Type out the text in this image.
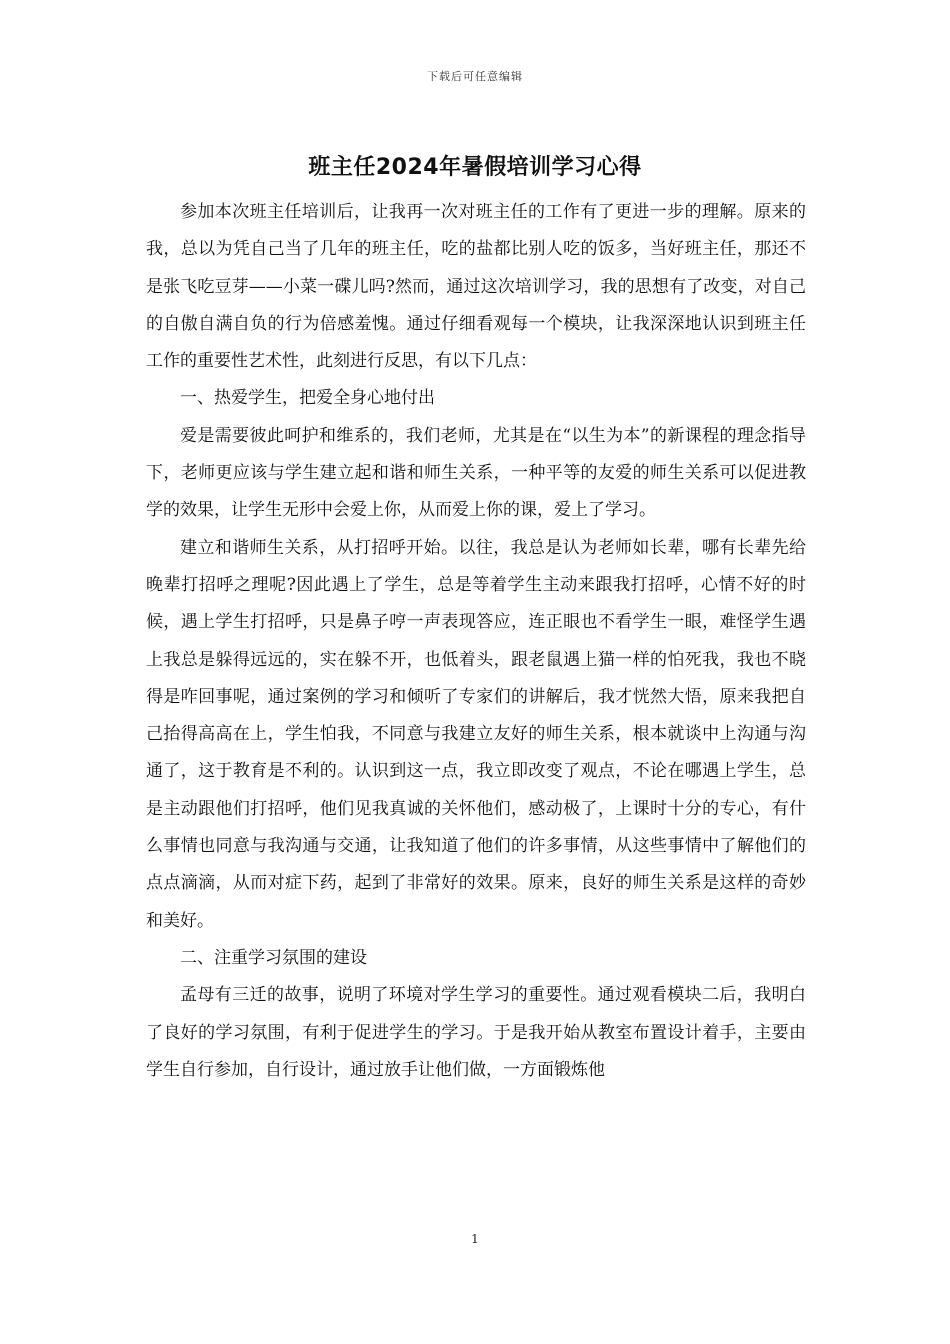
下载后可任意编辑
班主任2024年暑假培训学习心得

参加本次班主任培训后，让我再一次对班主任的工作有了更进一步的理解。原来的我，总以为凭自己当了几年的班主任，吃的盐都比别人吃的饭多，当好班主任，那还不是张飞吃豆芽——小菜一碟儿吗?然而，通过这次培训学习，我的思想有了改变，对自己的自傲自满自负的行为倍感羞愧。通过仔细看观每一个模块，让我深深地认识到班主任工作的重要性艺术性，此刻进行反思，有以下几点：

一、热爱学生，把爱全身心地付出

爱是需要彼此呵护和维系的，我们老师，尤其是在“以生为本”的新课程的理念指导下，老师更应该与学生建立起和谐和师生关系，一种平等的友爱的师生关系可以促进教学的效果，让学生无形中会爱上你，从而爱上你的课，爱上了学习。

建立和谐师生关系，从打招呼开始。以往，我总是认为老师如长辈，哪有长辈先给晚辈打招呼之理呢?因此遇上了学生，总是等着学生主动来跟我打招呼，心情不好的时候，遇上学生打招呼，只是鼻子哼一声表现答应，连正眼也不看学生一眼，难怪学生遇上我总是躲得远远的，实在躲不开，也低着头，跟老鼠遇上猫一样的怕死我，我也不晓得是咋回事呢，通过案例的学习和倾听了专家们的讲解后，我才恍然大悟，原来我把自己抬得高高在上，学生怕我，不同意与我建立友好的师生关系，根本就谈中上沟通与沟通了，这于教育是不利的。认识到这一点，我立即改变了观点，不论在哪遇上学生，总是主动跟他们打招呼，他们见我真诚的关怀他们，感动极了，上课时十分的专心，有什么事情也同意与我沟通与交通，让我知道了他们的许多事情，从这些事情中了解他们的点点滴滴，从而对症下药，起到了非常好的效果。原来，良好的师生关系是这样的奇妙和美好。

二、注重学习氛围的建设

孟母有三迁的故事，说明了环境对学生学习的重要性。通过观看模块二后，我明白了良好的学习氛围，有利于促进学生的学习。于是我开始从教室布置设计着手，主要由学生自行参加，自行设计，通过放手让他们做，一方面锻炼他

1
